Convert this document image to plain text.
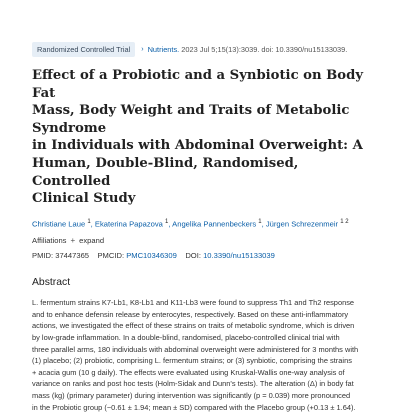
Randomized Controlled Trial	› Nutrients. 2023 Jul 5;15(13):3039. doi: 10.3390/nu15133039.
Effect of a Probiotic and a Synbiotic on Body Fat
Mass, Body Weight and Traits of Metabolic Syndrome
in Individuals with Abdominal Overweight: A
Human, Double-Blind, Randomised, Controlled
Clinical Study
Christiane Laue $^1$, Ekaterina Papazova $^1$, Angelika Pannenbeckers $^1$, Jürgen Schrezenmeir $^{1 2}$
Affiliations + expand
PMID: 37447365 PMCID: PMC10346309 DOI: 10.3390/nu15133039
Abstract
L. fermentum strains K7-Lb1, K8-Lb1 and K11-Lb3 were found to suppress Th1 and Th2 response
and to enhance defensin release by enterocytes, respectively. Based on these anti-inflammatory
actions, we investigated the effect of these strains on traits of metabolic syndrome, which is driven
by low-grade inflammation. In a double-blind, randomised, placebo-controlled clinical trial with
three parallel arms, 180 individuals with abdominal overweight were administered for 3 months with
(1) placebo; (2) probiotic, comprising L. fermentum strains; or (3) synbiotic, comprising the strains
+ acacia gum (10 g daily). The effects were evaluated using Kruskal-Wallis one-way analysis of
variance on ranks and post hoc tests (Holm-Sidak and Dunn's tests). The alteration (Δ) in body fat
mass (kg) (primary parameter) during intervention was significantly (p = 0.039) more pronounced
in the Probiotic group (−0.61 ± 1.94; mean ± SD) compared with the Placebo group (+0.13 ± 1.64).
